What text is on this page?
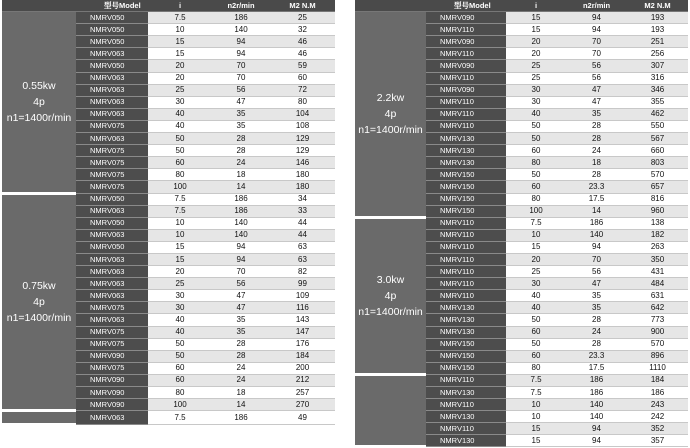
	型号Model	i	n2r/min	M2 N.M

0.55kw
4p
n1=1400r/min	NMRV050	7.5	186	25
	NMRV050	10	140	32
	NMRV050	15	94	46
	NMRV063	15	94	46
	NMRV050	20	70	59
	NMRV063	20	70	60
	NMRV063	25	56	72
	NMRV063	30	47	80
	NMRV063	40	35	104
	NMRV075	40	35	108
	NMRV063	50	28	129
	NMRV075	50	28	129
	NMRV075	60	24	146
	NMRV075	80	18	180
	NMRV075	100	14	180

0.75kw
4p
n1=1400r/min	NMRV050	7.5	186	34
	NMRV063	7.5	186	33
	NMRV050	10	140	44
	NMRV063	10	140	44
	NMRV050	15	94	63
	NMRV063	15	94	63
	NMRV063	20	70	82
	NMRV063	25	56	99
	NMRV063	30	47	109
	NMRV075	30	47	116
	NMRV063	40	35	143
	NMRV075	40	35	147
	NMRV075	50	28	176
	NMRV090	50	28	184
	NMRV075	60	24	200
	NMRV090	60	24	212
	NMRV090	80	18	257
	NMRV090	100	14	270

	NMRV063	7.5	186	49
	型号Model	i	n2r/min	M2 N.M

2.2kw
4p
n1=1400r/min	NMRV090	15	94	193
	NMRV110	15	94	193
	NMRV090	20	70	251
	NMRV110	20	70	256
	NMRV090	25	56	307
	NMRV110	25	56	316
	NMRV090	30	47	346
	NMRV110	30	47	355
	NMRV110	40	35	462
	NMRV110	50	28	550
	NMRV130	50	28	567
	NMRV130	60	24	660
	NMRV130	80	18	803
	NMRV150	50	28	570
	NMRV150	60	23.3	657
	NMRV150	80	17.5	816
	NMRV150	100	14	960

3.0kw
4p
n1=1400r/min	NMRV110	7.5	186	138
	NMRV110	10	140	182
	NMRV110	15	94	263
	NMRV110	20	70	350
	NMRV110	25	56	431
	NMRV110	30	47	484
	NMRV110	40	35	631
	NMRV130	40	35	642
	NMRV130	50	28	773
	NMRV130	60	24	900
	NMRV150	50	28	570
	NMRV150	60	23.3	896
	NMRV150	80	17.5	1110

	NMRV110	7.5	186	184
	NMRV130	7.5	186	186
	NMRV110	10	140	243
	NMRV130	10	140	242
	NMRV110	15	94	352
	NMRV130	15	94	357
